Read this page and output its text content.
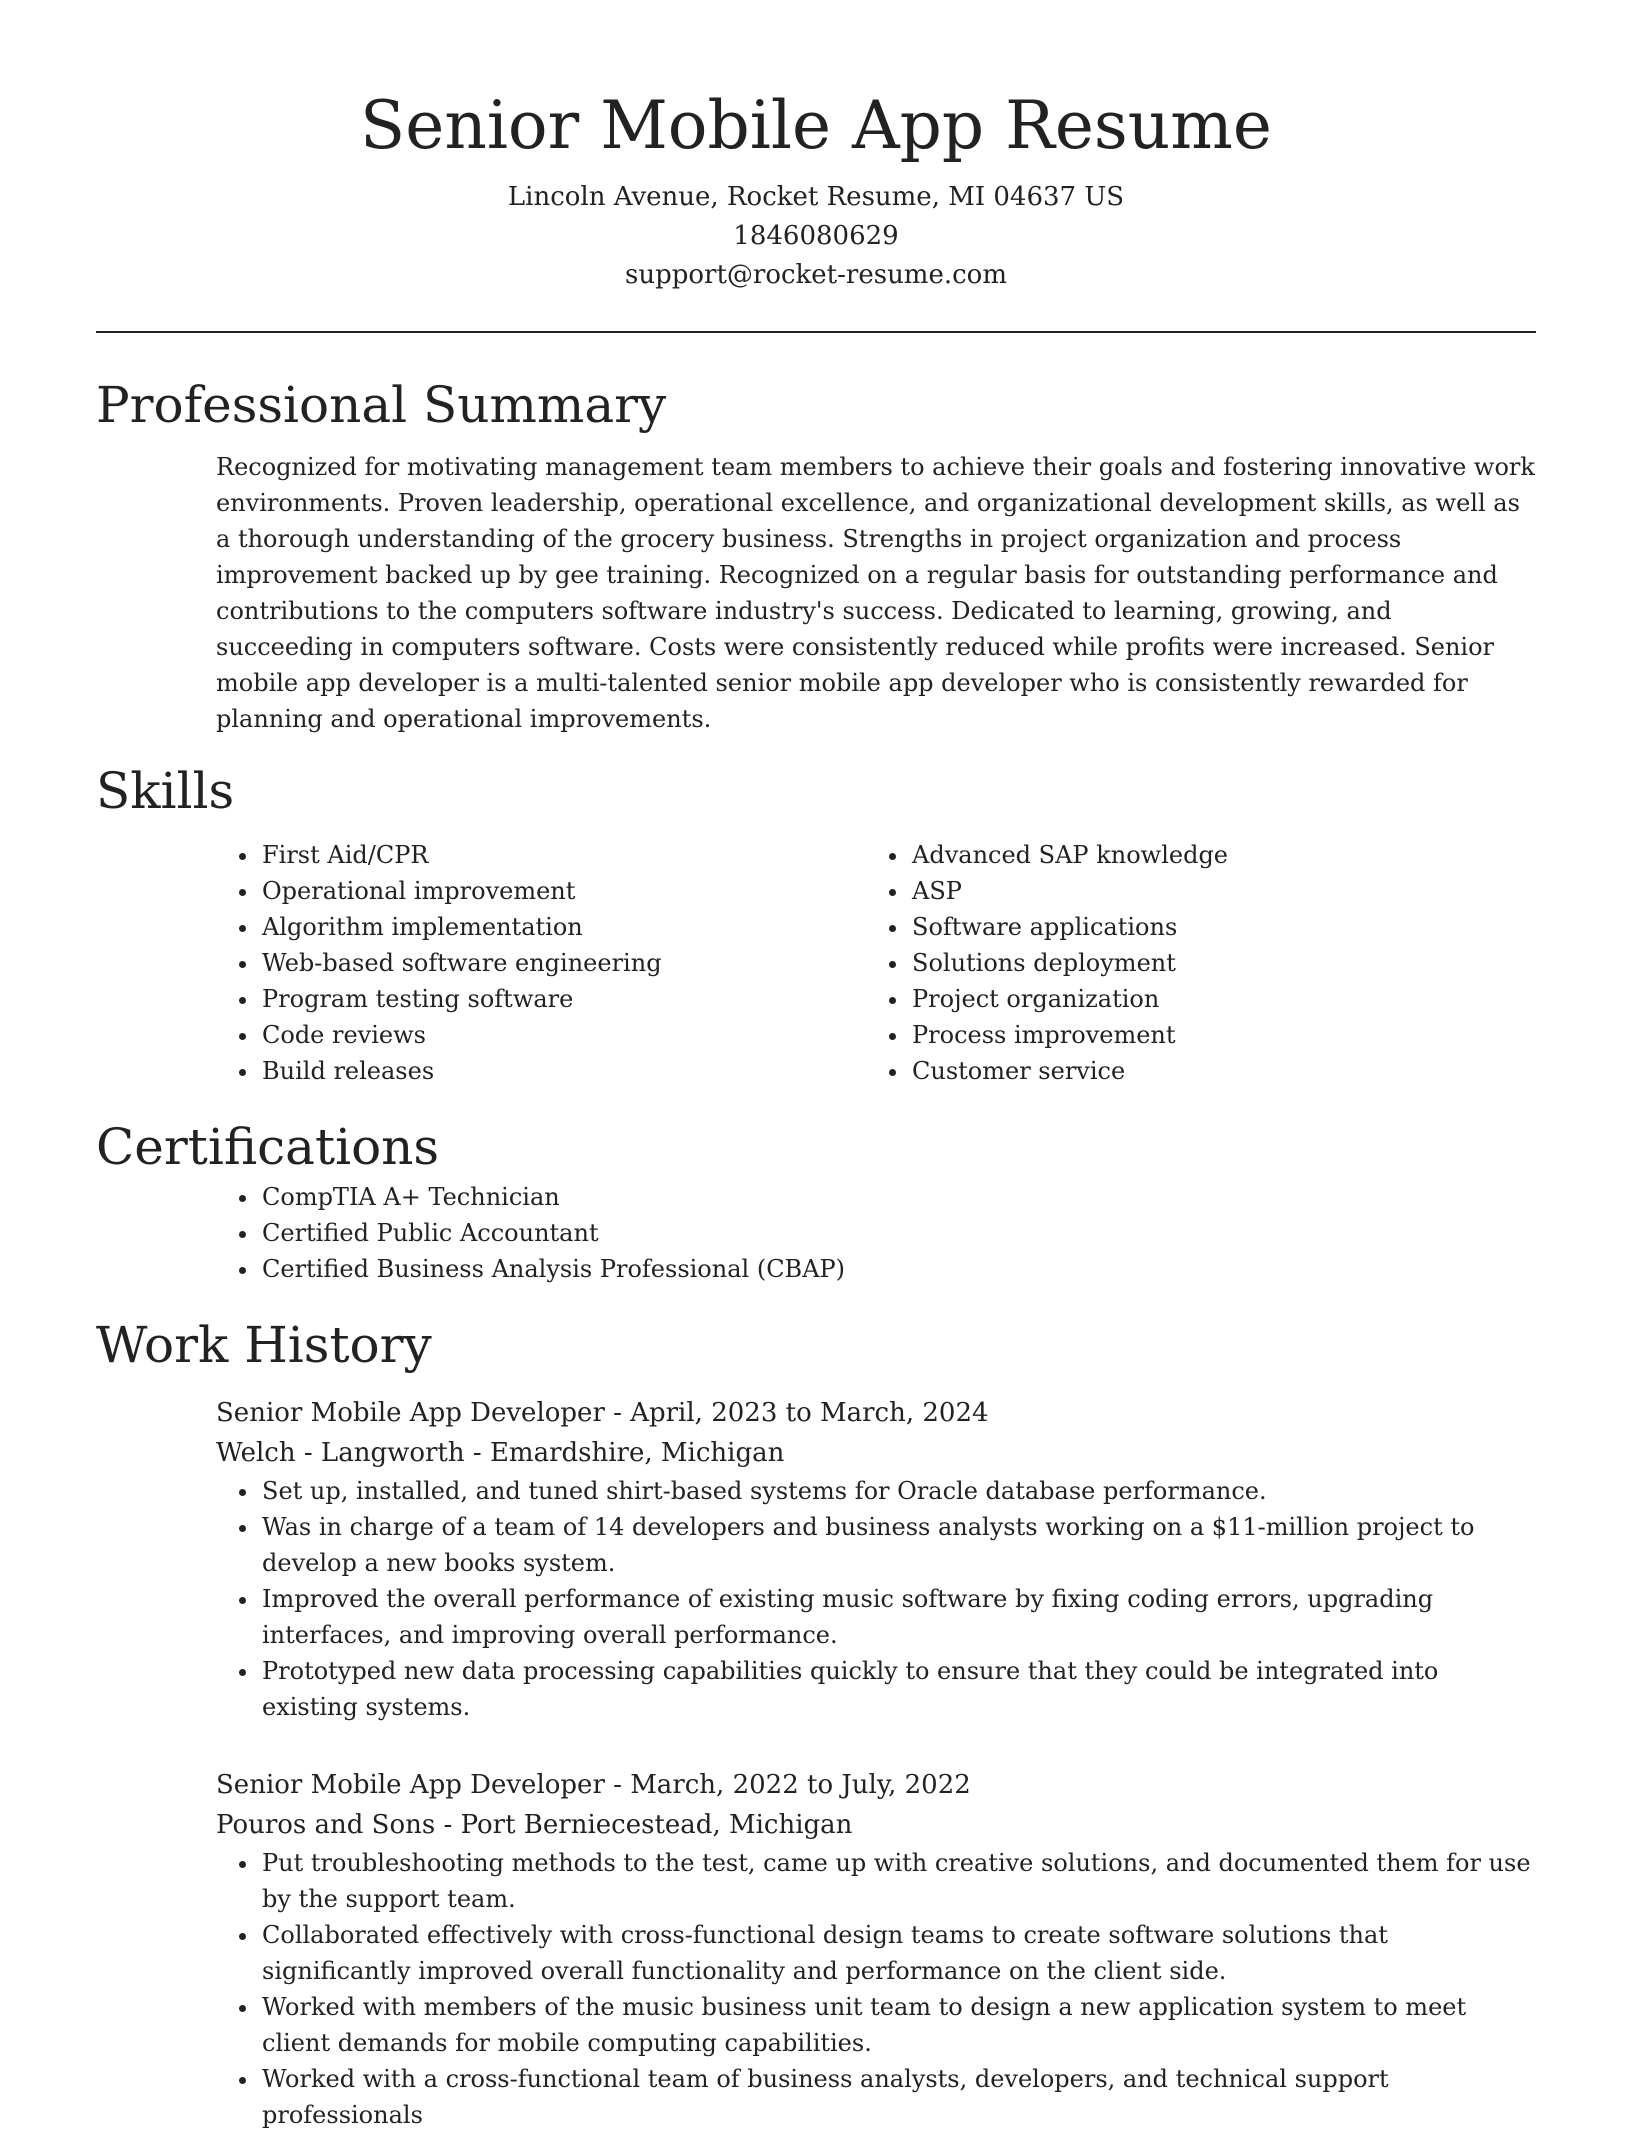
Senior Mobile App Resume

Lincoln Avenue, Rocket Resume, MI 04637 US

1846080629

support@rocket-resume.com

Professional Summary

Recognized for motivating management team members to achieve their goals and fostering innovative work environments. Proven leadership, operational excellence, and organizational development skills, as well as a thorough understanding of the grocery business. Strengths in project organization and process improvement backed up by gee training. Recognized on a regular basis for outstanding performance and contributions to the computers software industry's success. Dedicated to learning, growing, and succeeding in computers software. Costs were consistently reduced while profits were increased. Senior mobile app developer is a multi-talented senior mobile app developer who is consistently rewarded for planning and operational improvements.

Skills
• First Aid/CPR
• Operational improvement
• Algorithm implementation
• Web-based software engineering
• Program testing software
• Code reviews
• Build releases
• Advanced SAP knowledge
• ASP
• Software applications
• Solutions deployment
• Project organization
• Process improvement
• Customer service
Certifications
• CompTIA A+ Technician
• Certified Public Accountant
• Certified Business Analysis Professional (CBAP)
Work History

Senior Mobile App Developer - April, 2023 to March, 2024

Welch - Langworth - Emardshire, Michigan

• Set up, installed, and tuned shirt-based systems for Oracle database performance.
• Was in charge of a team of 14 developers and business analysts working on a $11-million project to develop a new books system.
• Improved the overall performance of existing music software by fixing coding errors, upgrading interfaces, and improving overall performance.
• Prototyped new data processing capabilities quickly to ensure that they could be integrated into existing systems.

Senior Mobile App Developer - March, 2022 to July, 2022

Pouros and Sons - Port Berniecestead, Michigan

• Put troubleshooting methods to the test, came up with creative solutions, and documented them for use by the support team.
• Collaborated effectively with cross-functional design teams to create software solutions that significantly improved overall functionality and performance on the client side.
• Worked with members of the music business unit team to design a new application system to meet client demands for mobile computing capabilities.
• Worked with a cross-functional team of business analysts, developers, and technical support professionals
